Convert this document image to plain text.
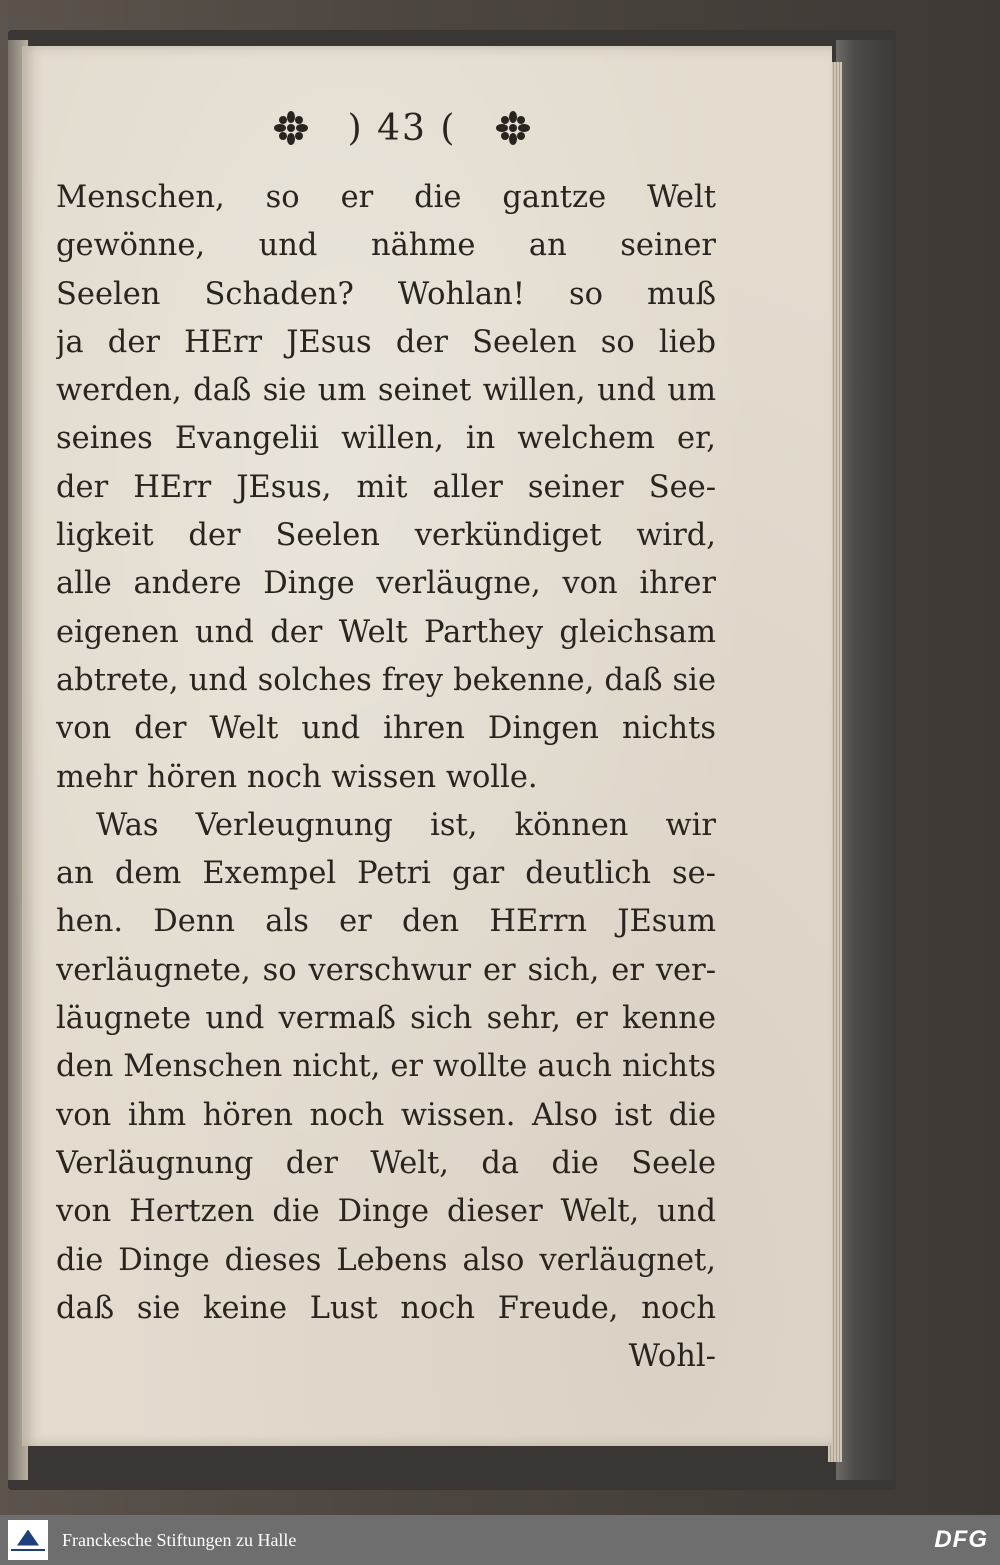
) 43 (
Menschen, so er die gantze Welt
gewönne, und nähme an seiner
Seelen Schaden? Wohlan! so muß
ja der HErr JEsus der Seelen so lieb
werden, daß sie um seinet willen, und um
seines Evangelii willen, in welchem er,
der HErr JEsus, mit aller seiner See-
ligkeit der Seelen verkündiget wird,
alle andere Dinge verläugne, von ihrer
eigenen und der Welt Parthey gleichsam
abtrete, und solches frey bekenne, daß sie
von der Welt und ihren Dingen nichts
mehr hören noch wissen wolle.
Was Verleugnung ist, können wir
an dem Exempel Petri gar deutlich se-
hen. Denn als er den HErrn JEsum
verläugnete, so verschwur er sich, er ver-
läugnete und vermaß sich sehr, er kenne
den Menschen nicht, er wollte auch nichts
von ihm hören noch wissen. Also ist die
Verläugnung der Welt, da die Seele
von Hertzen die Dinge dieser Welt, und
die Dinge dieses Lebens also verläugnet,
daß sie keine Lust noch Freude, noch
Wohl-
Franckesche Stiftungen zu Halle	DFG
